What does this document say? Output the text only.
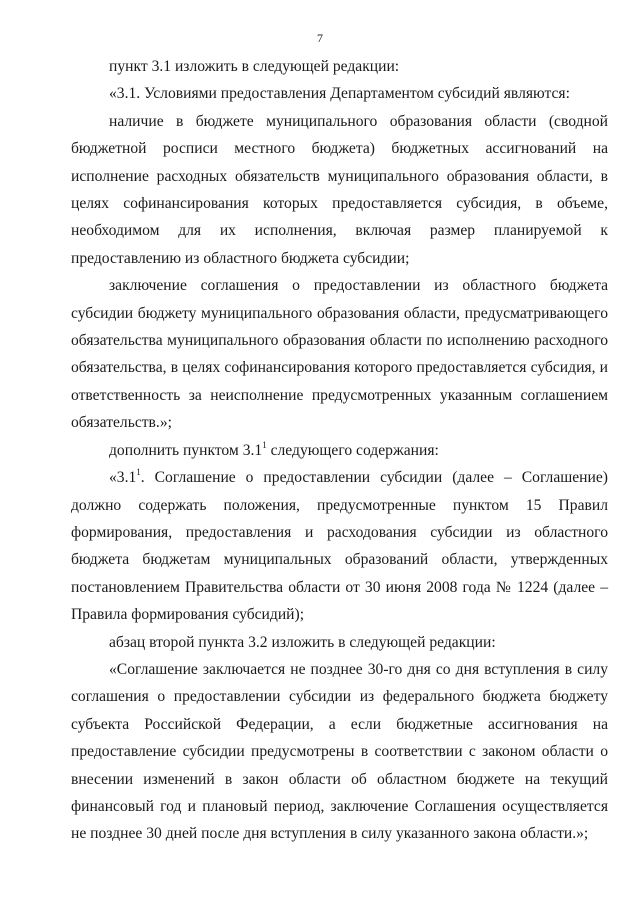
7

пункт 3.1 изложить в следующей редакции:

«3.1. Условиями предоставления Департаментом субсидий являются:

наличие в бюджете муниципального образования области (сводной бюджетной росписи местного бюджета) бюджетных ассигнований на исполнение расходных обязательств муниципального образования области, в целях софинансирования которых предоставляется субсидия, в объеме, необходимом для их исполнения, включая размер планируемой к предоставлению из областного бюджета субсидии;

заключение соглашения о предоставлении из областного бюджета субсидии бюджету муниципального образования области, предусматривающего обязательства муниципального образования области по исполнению расходного обязательства, в целях софинансирования которого предоставляется субсидия, и ответственность за неисполнение предусмотренных указанным соглашением обязательств.»;

дополнить пунктом $3.1^1$ следующего содержания:

«$3.1^1$. Соглашение о предоставлении субсидии (далее – Соглашение) должно содержать положения, предусмотренные пунктом 15 Правил формирования, предоставления и расходования субсидии из областного бюджета бюджетам муниципальных образований области, утвержденных постановлением Правительства области от 30 июня 2008 года № 1224 (далее – Правила формирования субсидий);

абзац второй пункта 3.2 изложить в следующей редакции:

«Соглашение заключается не позднее 30-го дня со дня вступления в силу соглашения о предоставлении субсидии из федерального бюджета бюджету субъекта Российской Федерации, а если бюджетные ассигнования на предоставление субсидии предусмотрены в соответствии с законом области о внесении изменений в закон области об областном бюджете на текущий финансовый год и плановый период, заключение Соглашения осуществляется не позднее 30 дней после дня вступления в силу указанного закона области.»;
